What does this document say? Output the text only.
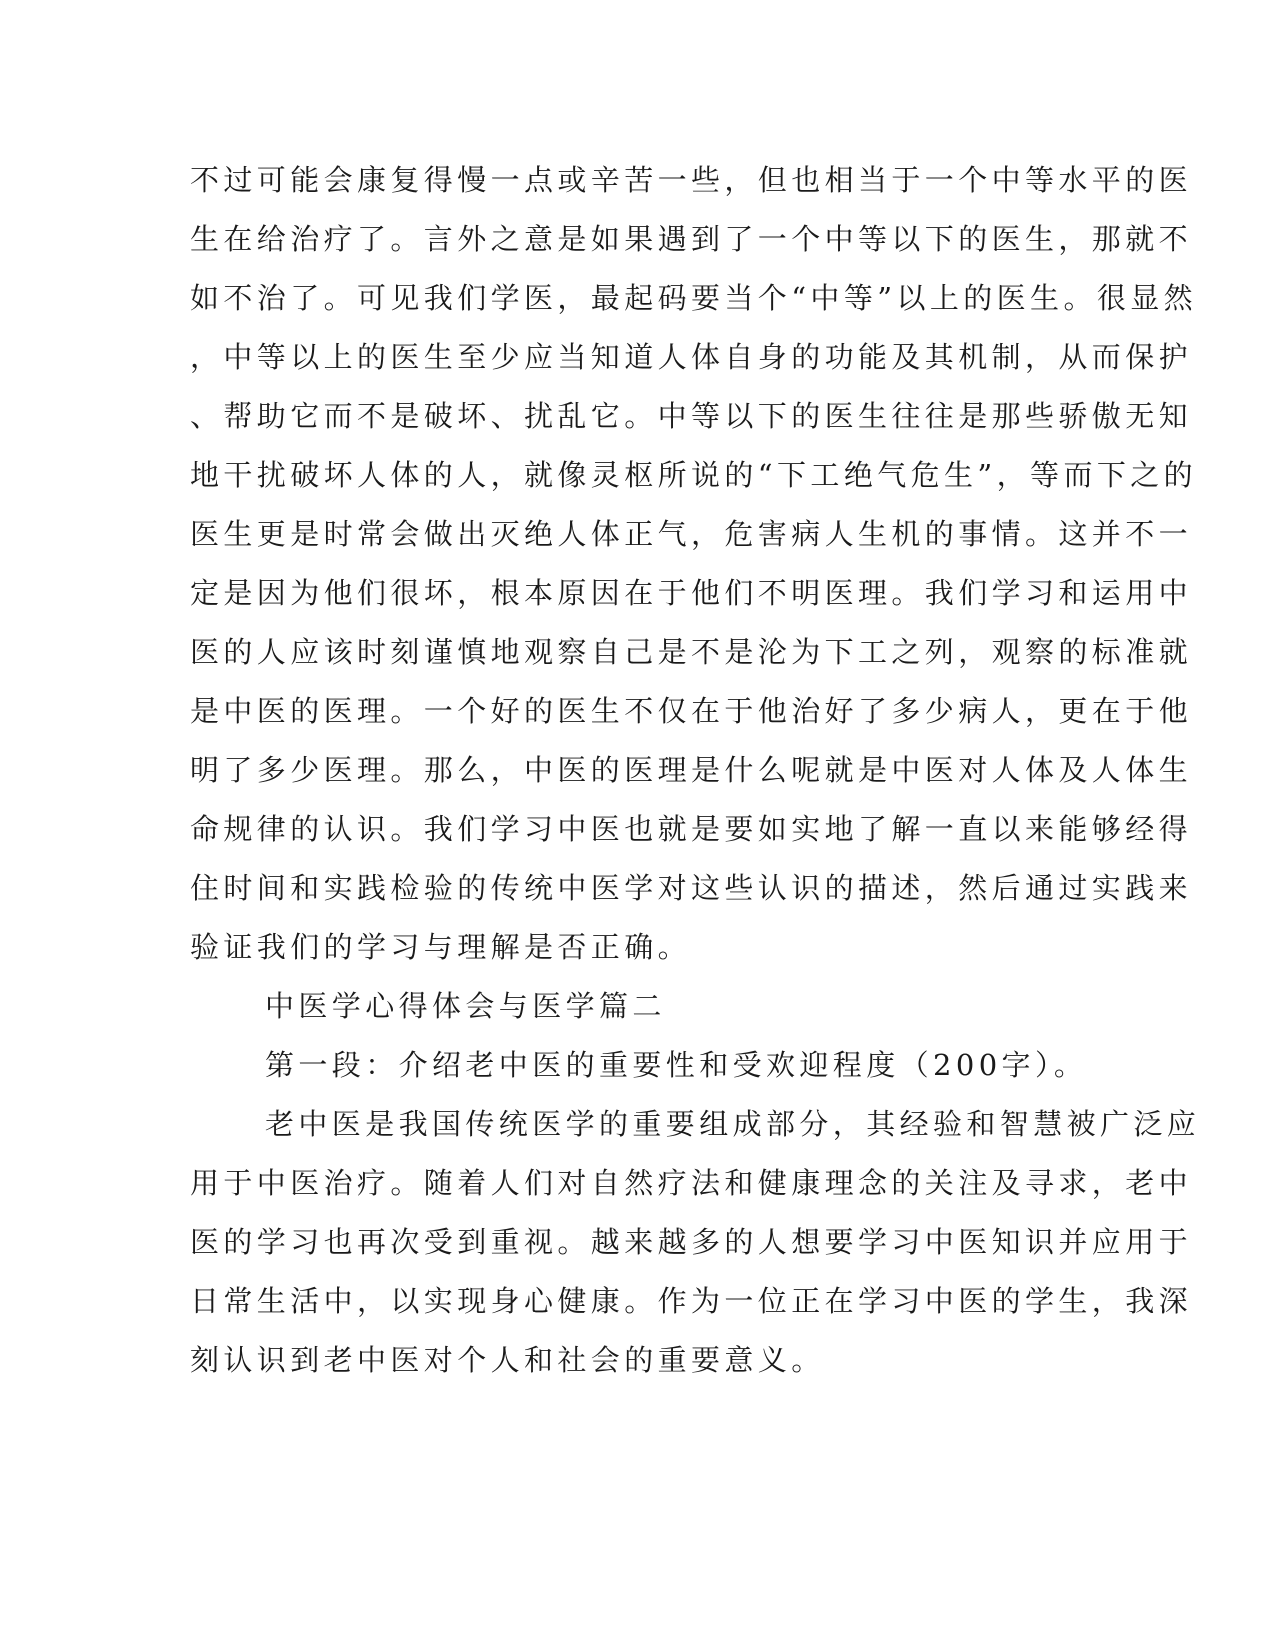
不过可能会康复得慢一点或辛苦一些，但也相当于一个中等水平的医
生在给治疗了。言外之意是如果遇到了一个中等以下的医生，那就不
如不治了。可见我们学医，最起码要当个“中等”以上的医生。很显然
，中等以上的医生至少应当知道人体自身的功能及其机制，从而保护
、帮助它而不是破坏、扰乱它。中等以下的医生往往是那些骄傲无知
地干扰破坏人体的人，就像灵枢所说的“下工绝气危生”，等而下之的
医生更是时常会做出灭绝人体正气，危害病人生机的事情。这并不一
定是因为他们很坏，根本原因在于他们不明医理。我们学习和运用中
医的人应该时刻谨慎地观察自己是不是沦为下工之列，观察的标准就
是中医的医理。一个好的医生不仅在于他治好了多少病人，更在于他
明了多少医理。那么，中医的医理是什么呢就是中医对人体及人体生
命规律的认识。我们学习中医也就是要如实地了解一直以来能够经得
住时间和实践检验的传统中医学对这些认识的描述，然后通过实践来
验证我们的学习与理解是否正确。
中医学心得体会与医学篇二
第一段：介绍老中医的重要性和受欢迎程度（200字）。
老中医是我国传统医学的重要组成部分，其经验和智慧被广泛应
用于中医治疗。随着人们对自然疗法和健康理念的关注及寻求，老中
医的学习也再次受到重视。越来越多的人想要学习中医知识并应用于
日常生活中，以实现身心健康。作为一位正在学习中医的学生，我深
刻认识到老中医对个人和社会的重要意义。
